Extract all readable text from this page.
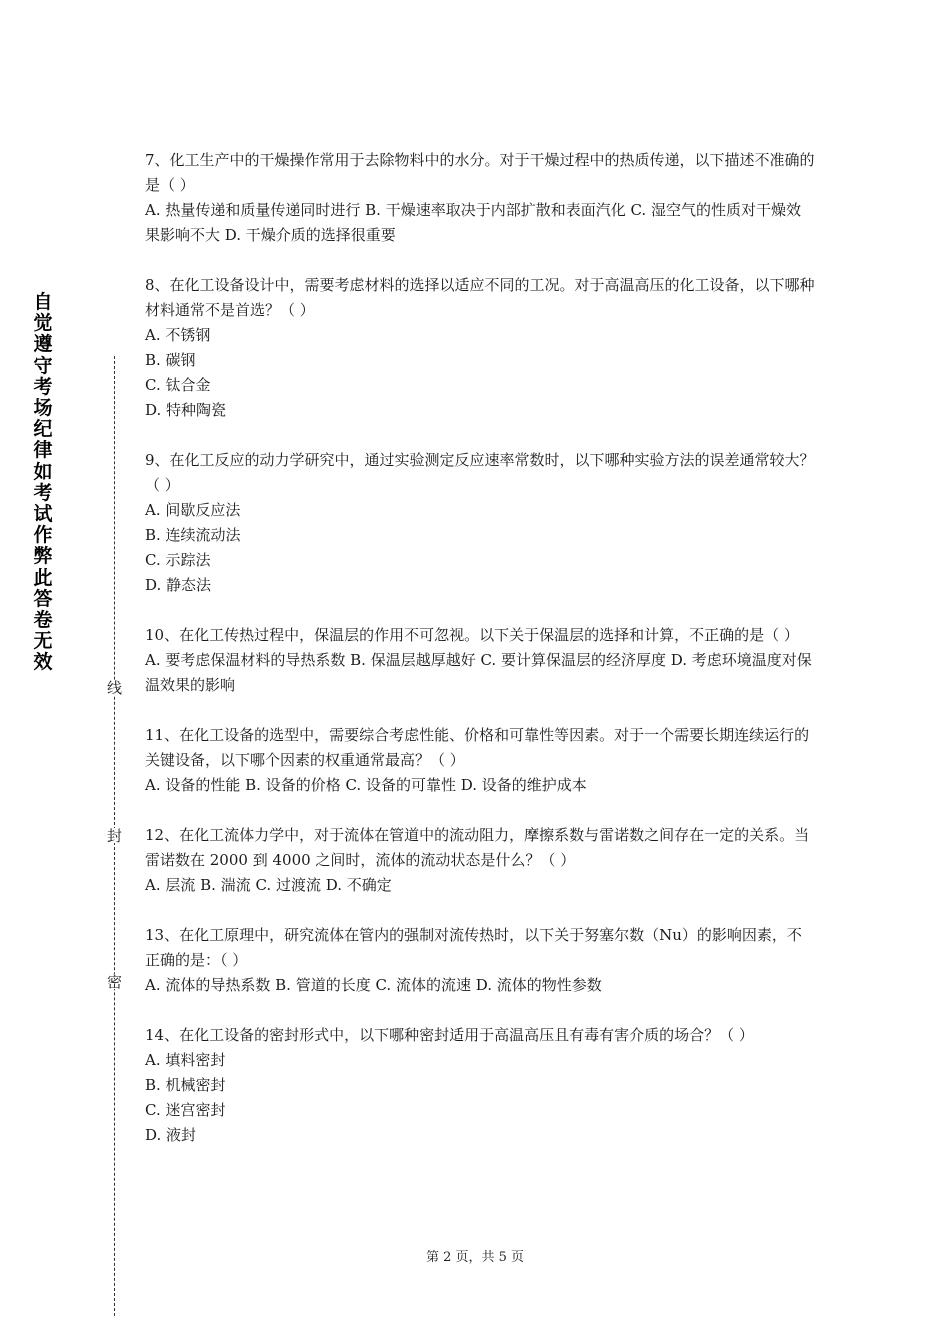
自觉遵守考场纪律如考试作弊此答卷无效
线
封
密

7、化工生产中的干燥操作常用于去除物料中的水分。对于干燥过程中的热质传递，以下描述不准确的是（ ）

A. 热量传递和质量传递同时进行 B. 干燥速率取决于内部扩散和表面汽化 C. 湿空气的性质对干燥效果影响不大 D. 干燥介质的选择很重要

8、在化工设备设计中，需要考虑材料的选择以适应不同的工况。对于高温高压的化工设备，以下哪种材料通常不是首选？（ ）

A. 不锈钢
B. 碳钢
C. 钛合金
D. 特种陶瓷

9、在化工反应的动力学研究中，通过实验测定反应速率常数时，以下哪种实验方法的误差通常较大？（ ）

A. 间歇反应法
B. 连续流动法
C. 示踪法
D. 静态法

10、在化工传热过程中，保温层的作用不可忽视。以下关于保温层的选择和计算，不正确的是（ ）

A. 要考虑保温材料的导热系数 B. 保温层越厚越好 C. 要计算保温层的经济厚度 D. 考虑环境温度对保温效果的影响

11、在化工设备的选型中，需要综合考虑性能、价格和可靠性等因素。对于一个需要长期连续运行的关键设备，以下哪个因素的权重通常最高？（ ）

A. 设备的性能 B. 设备的价格 C. 设备的可靠性 D. 设备的维护成本

12、在化工流体力学中，对于流体在管道中的流动阻力，摩擦系数与雷诺数之间存在一定的关系。当雷诺数在 2000 到 4000 之间时，流体的流动状态是什么？（ ）

A. 层流 B. 湍流 C. 过渡流 D. 不确定

13、在化工原理中，研究流体在管内的强制对流传热时，以下关于努塞尔数（Nu）的影响因素，不正确的是：（ ）

A. 流体的导热系数 B. 管道的长度 C. 流体的流速 D. 流体的物性参数

14、在化工设备的密封形式中，以下哪种密封适用于高温高压且有毒有害介质的场合？（ ）

A. 填料密封
B. 机械密封
C. 迷宫密封
D. 液封
第 2 页，共 5 页
